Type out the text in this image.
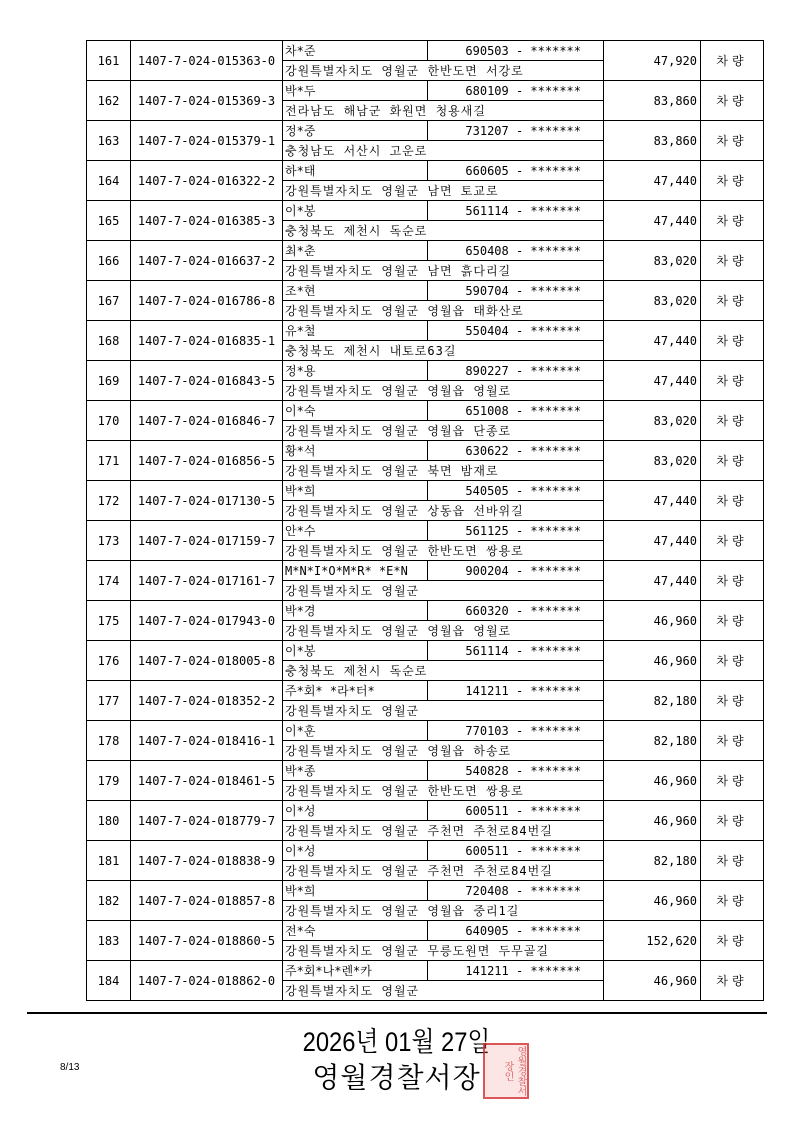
161	1407-7-024-015363-0	차*준	690503 - *******	47,920	차량
		강원특별자치도 영월군 한반도면 서강로			
162	1407-7-024-015369-3	박*두	680109 - *******	83,860	차량
		전라남도 해남군 화원면 청용새길			
163	1407-7-024-015379-1	정*중	731207 - *******	83,860	차량
		충청남도 서산시 고운로			
164	1407-7-024-016322-2	하*태	660605 - *******	47,440	차량
		강원특별자치도 영월군 남면 토교로			
165	1407-7-024-016385-3	이*봉	561114 - *******	47,440	차량
		충청북도 제천시 독순로			
166	1407-7-024-016637-2	최*춘	650408 - *******	83,020	차량
		강원특별자치도 영월군 남면 흙다리길			
167	1407-7-024-016786-8	조*현	590704 - *******	83,020	차량
		강원특별자치도 영월군 영월읍 태화산로			
168	1407-7-024-016835-1	유*철	550404 - *******	47,440	차량
		충청북도 제천시 내토로63길			
169	1407-7-024-016843-5	정*용	890227 - *******	47,440	차량
		강원특별자치도 영월군 영월읍 영월로			
170	1407-7-024-016846-7	이*숙	651008 - *******	83,020	차량
		강원특별자치도 영월군 영월읍 단종로			
171	1407-7-024-016856-5	황*석	630622 - *******	83,020	차량
		강원특별자치도 영월군 북면 밤재로			
172	1407-7-024-017130-5	박*희	540505 - *******	47,440	차량
		강원특별자치도 영월군 상동읍 선바위길			
173	1407-7-024-017159-7	안*수	561125 - *******	47,440	차량
		강원특별자치도 영월군 한반도면 쌍용로			
174	1407-7-024-017161-7	M*N*I*O*M*R* *E*N	900204 - *******	47,440	차량
		강원특별자치도 영월군			
175	1407-7-024-017943-0	박*경	660320 - *******	46,960	차량
		강원특별자치도 영월군 영월읍 영월로			
176	1407-7-024-018005-8	이*봉	561114 - *******	46,960	차량
		충청북도 제천시 독순로			
177	1407-7-024-018352-2	주*회* *라*터*	141211 - *******	82,180	차량
		강원특별자치도 영월군			
178	1407-7-024-018416-1	이*훈	770103 - *******	82,180	차량
		강원특별자치도 영월군 영월읍 하송로			
179	1407-7-024-018461-5	박*종	540828 - *******	46,960	차량
		강원특별자치도 영월군 한반도면 쌍용로			
180	1407-7-024-018779-7	이*성	600511 - *******	46,960	차량
		강원특별자치도 영월군 주천면 주천로84번길			
181	1407-7-024-018838-9	이*성	600511 - *******	82,180	차량
		강원특별자치도 영월군 주천면 주천로84번길			
182	1407-7-024-018857-8	박*희	720408 - *******	46,960	차량
		강원특별자치도 영월군 영월읍 중리1길			
183	1407-7-024-018860-5	전*숙	640905 - *******	152,620	차량
		강원특별자치도 영월군 무릉도원면 두무골길			
184	1407-7-024-018862-0	주*회*나*렌*카	141211 - *******	46,960	차량
		강원특별자치도 영월군			
2026년 01월 27일
영월경찰서장
8/13	영월경찰서장인
